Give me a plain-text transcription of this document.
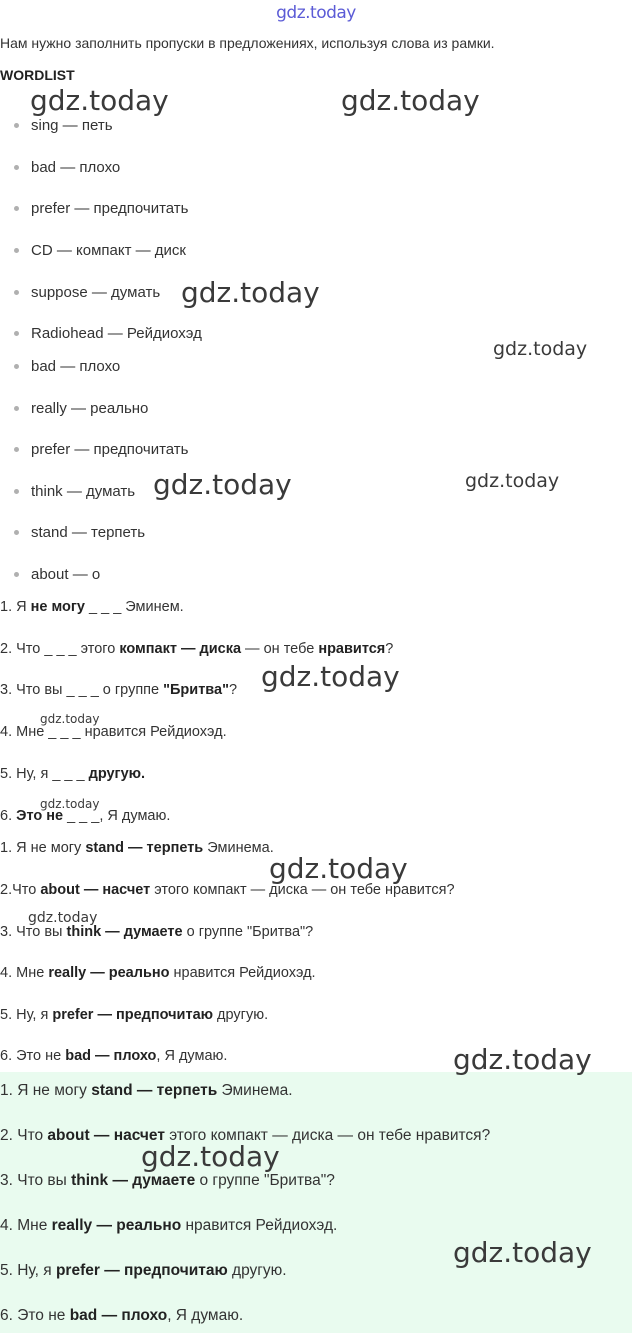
gdz.today
Нам нужно заполнить пропуски в предложениях, используя слова из рамки.
WORDLIST
sing — петь
bad — плохо
prefer — предпочитать
CD — компакт — диск
suppose — думать
Radiohead — Рейдиохэд
bad — плохо
really — реально
prefer — предпочитать
think — думать
stand — терпеть
about — о
1. Я не могу _ _ _ Эминем.
2. Что _ _ _ этого компакт — диска — он тебе нравится?
3. Что вы _ _ _ о группе "Бритва"?
4. Мне _ _ _ нравится Рейдиохэд.
5. Ну, я _ _ _ другую.
6. Это не _ _ _, Я думаю.
1. Я не могу stand — терпеть Эминема.
2.Что about — насчет этого компакт — диска — он тебе нравится?
3. Что вы think — думаете о группе "Бритва"?
4. Мне really — реально нравится Рейдиохэд.
5. Ну, я prefer — предпочитаю другую.
6. Это не bad — плохо, Я думаю.
1. Я не могу stand — терпеть Эминема.
2. Что about — насчет этого компакт — диска — он тебе нравится?
3. Что вы think — думаете о группе "Бритва"?
4. Мне really — реально нравится Рейдиохэд.
5. Ну, я prefer — предпочитаю другую.
6. Это не bad — плохо, Я думаю.
gdz.today	gdz.today
gdz.today
gdz.today
gdz.today	gdz.today
gdz.today
gdz.today
gdz.today
gdz.today
gdz.today
gdz.today
gdz.today
gdz.today
